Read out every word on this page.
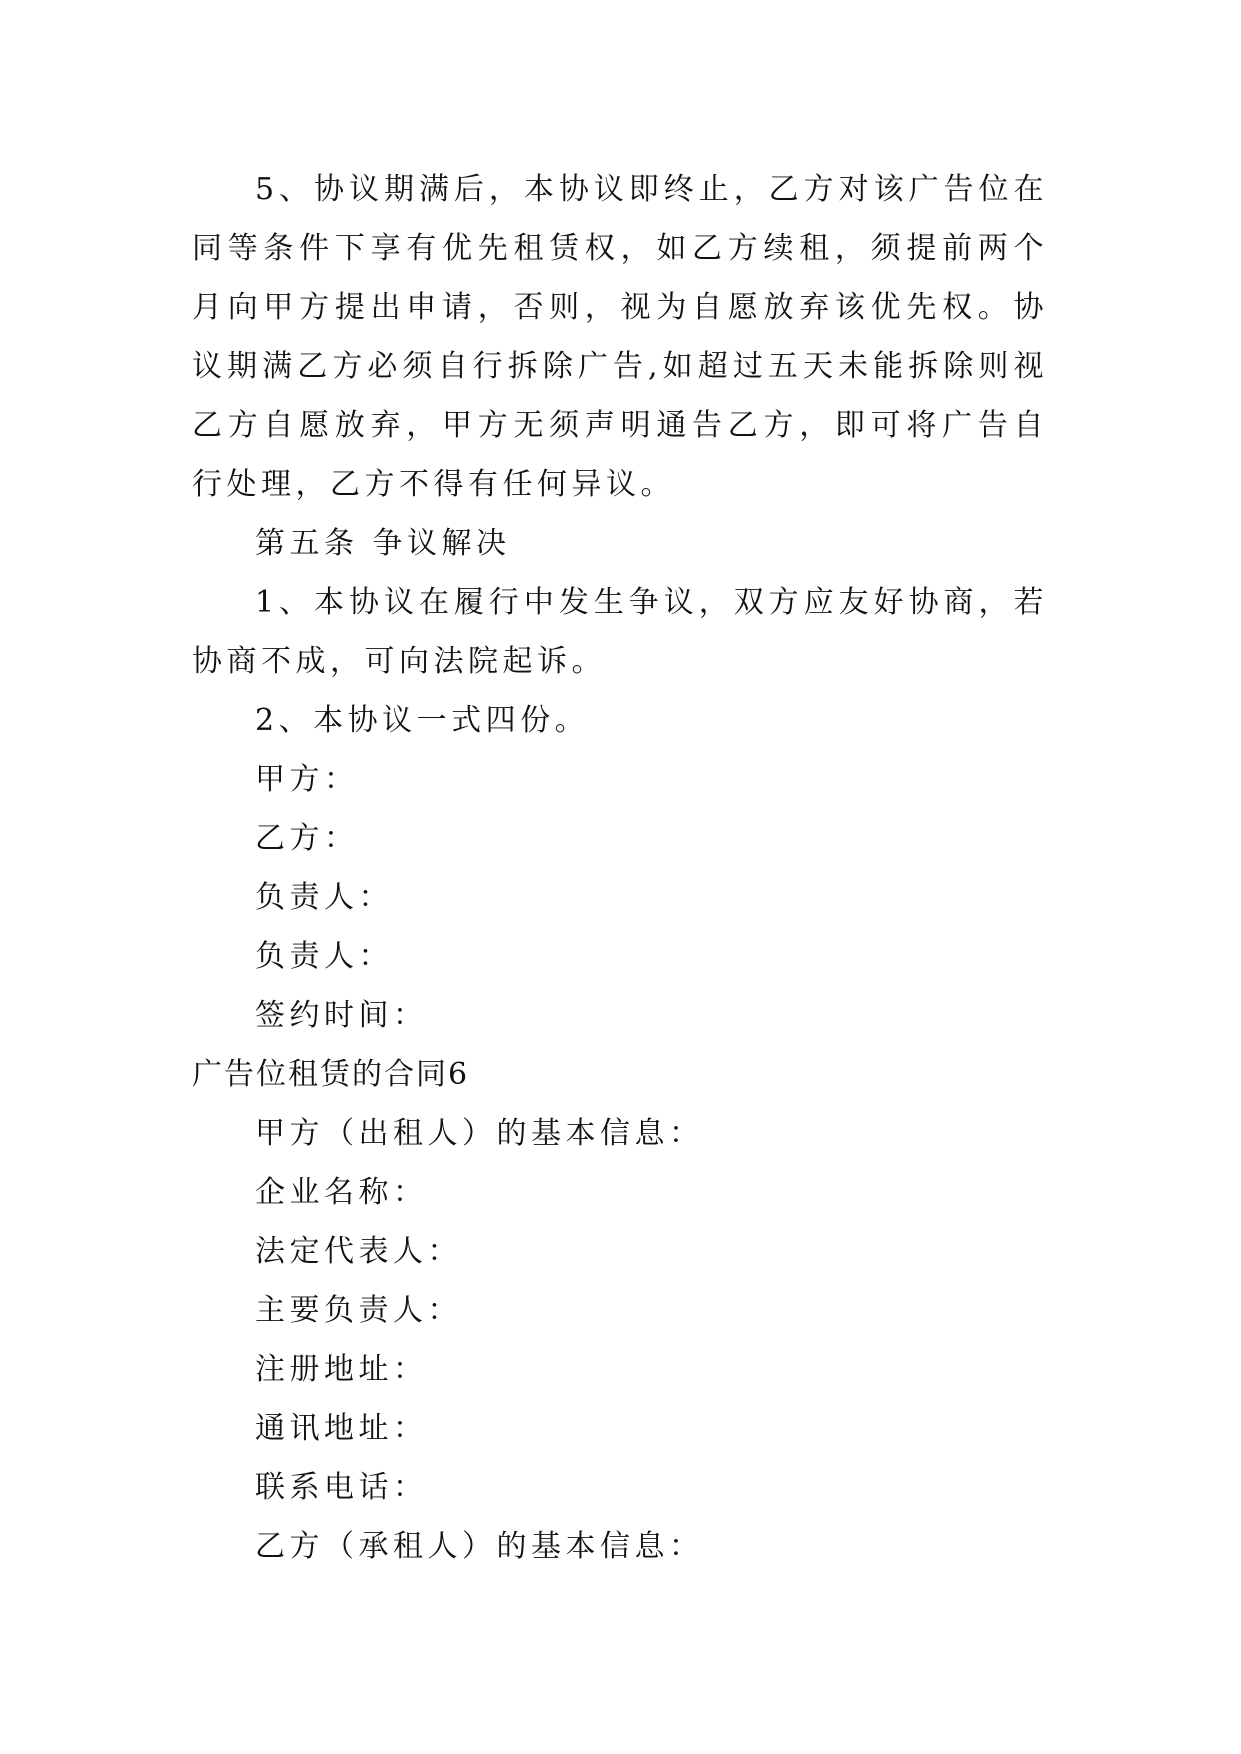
5、协议期满后，本协议即终止，乙方对该广告位在同等条件下享有优先租赁权，如乙方续租，须提前两个月向甲方提出申请，否则，视为自愿放弃该优先权。协议期满乙方必须自行拆除广告,如超过五天未能拆除则视乙方自愿放弃，甲方无须声明通告乙方，即可将广告自行处理，乙方不得有任何异议。

第五条 争议解决

1、本协议在履行中发生争议，双方应友好协商，若协商不成，可向法院起诉。

2、本协议一式四份。

甲方：

乙方：

负责人：

负责人：

签约时间：

广告位租赁的合同6

甲方（出租人）的基本信息：

企业名称：

法定代表人：

主要负责人：

注册地址：

通讯地址：

联系电话：

乙方（承租人）的基本信息：
